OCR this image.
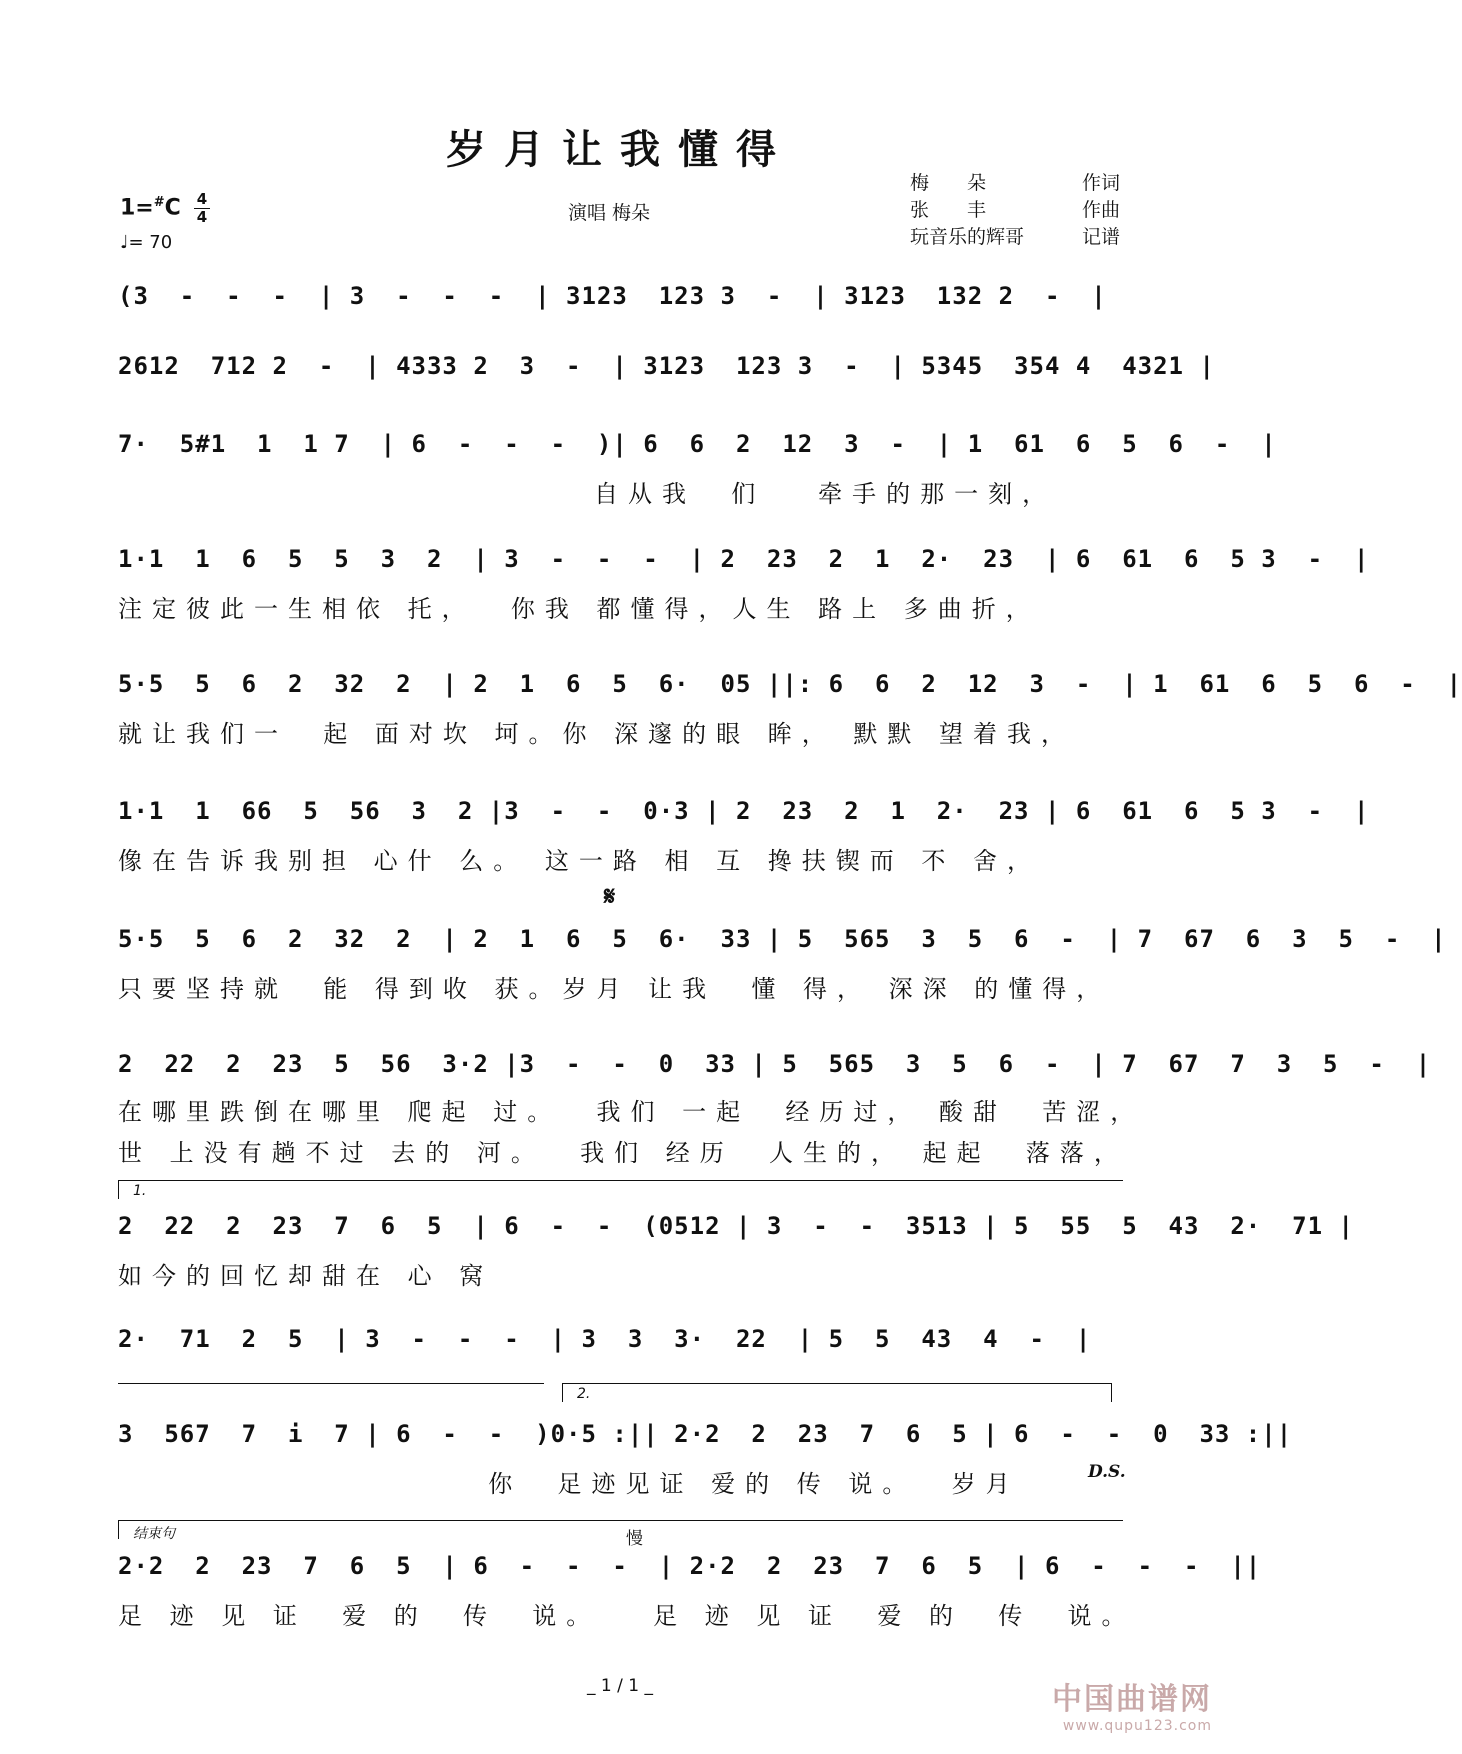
岁月让我懂得
梅　　朵	作词
张　　丰	作曲
玩音乐的辉哥	记谱
演唱 梅朵
1=#C 4
4
♩= 70
(3  -  -  -  | 3  -  -  -  | 3123  123 3  -  | 3123  132 2  -  |
2612  712 2  -  | 4333 2  3  -  | 3123  123 3  -  | 5345  354 4  4321 |
7·  5#1  1  1 7  | 6  -  -  -  )| 6  6  2  12  3  -  | 1  61  6  5  6  -  |
自从我  们   牵手的那一刻，
1·1  1  6  5  5  3  2  | 3  -  -  -  | 2  23  2  1  2·  23  | 6  61  6  5 3  -  |
注定彼此一生相依 托，  你我 都懂得，人生 路上 多曲折，
5·5  5  6  2  32  2  | 2  1  6  5  6·  05 ||: 6  6  2  12  3  -  | 1  61  6  5  6  -  |
就让我们一  起 面对坎 坷。你 深邃的眼 眸， 默默 望着我，
1·1  1  66  5  56  3  2 |3  -  -  0·3 | 2  23  2  1  2·  23 | 6  61  6  5 3  -  |
像在告诉我别担 心什 么。 这一路 相 互 搀扶锲而 不 舍，
𝄋
5·5  5  6  2  32  2  | 2  1  6  5  6·  33 | 5  565  3  5  6  -  | 7  67  6  3  5  -  |
只要坚持就  能 得到收 获。岁月 让我  懂 得， 深深 的懂得，
2  22  2  23  5  56  3·2 |3  -  -  0  33 | 5  565  3  5  6  -  | 7  67  7  3  5  -  |
在哪里跌倒在哪里 爬起 过。  我们 一起  经历过， 酸甜  苦涩，
世 上没有趟不过 去的 河。  我们 经历  人生的， 起起  落落，
1.
2  22  2  23  7  6  5  | 6  -  -  (0512 | 3  -  -  3513 | 5  55  5  43  2·  71 |
如今的回忆却甜在 心 窝
2·  71  2  5  | 3  -  -  -  | 3  3  3·  22  | 5  5  43  4  -  |
2.
3  567  7  i  7 | 6  -  -  )0·5 :|| 2·2  2  23  7  6  5 | 6  -  -  0  33 :||
你  足迹见证 爱的 传 说。  岁月	D.S.
结束句	慢
2·2  2  23  7  6  5  | 6  -  -  -  | 2·2  2  23  7  6  5  | 6  -  -  -  ||
足 迹 见 证  爱 的  传  说。   足 迹 见 证  爱 的  传  说。
_ 1 / 1 _	中国曲谱网
www.qupu123.com
